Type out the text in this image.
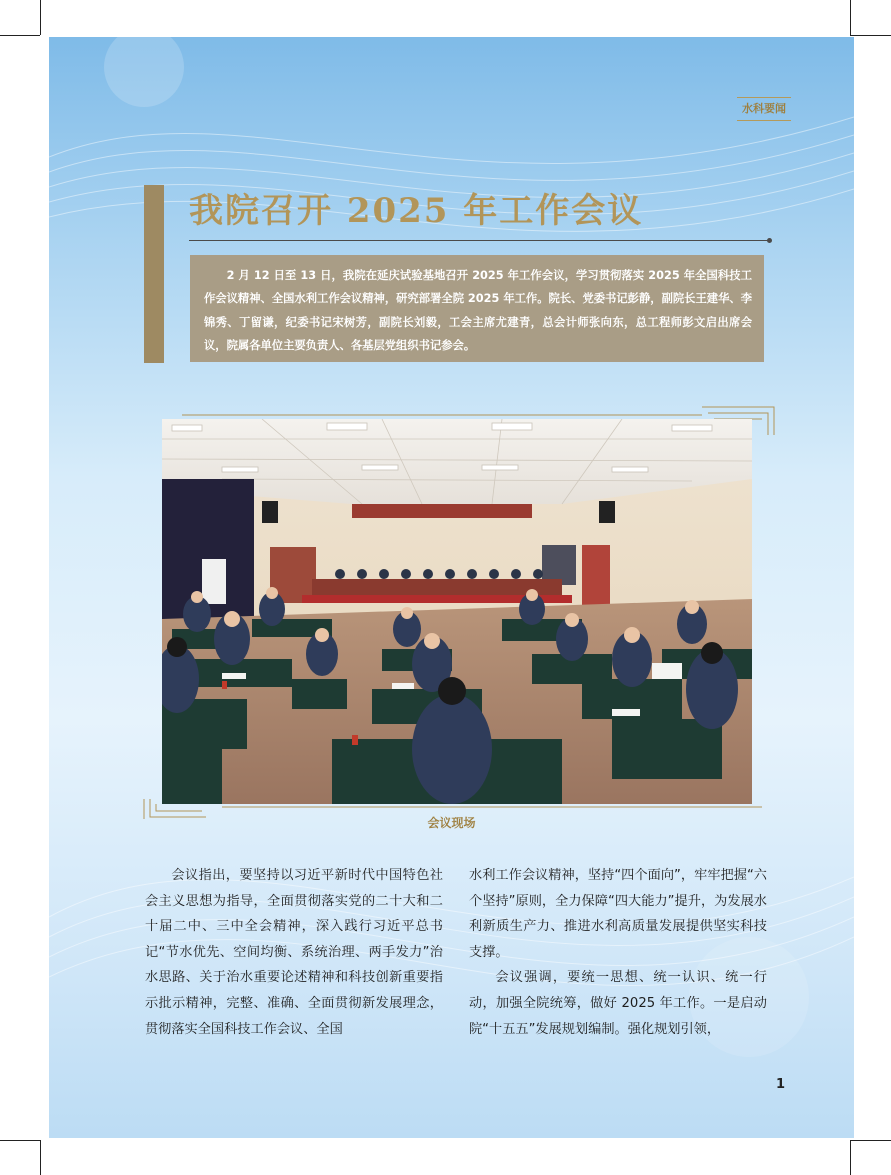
水科要闻
我院召开 2025 年工作会议

2 月 12 日至 13 日，我院在延庆试验基地召开 2025 年工作会议，学习贯彻落实 2025 年全国科技工作会议精神、全国水利工作会议精神，研究部署全院 2025 年工作。院长、党委书记彭静，副院长王建华、李锦秀、丁留谦，纪委书记宋树芳，副院长刘毅，工会主席尤建青，总会计师张向东，总工程师彭文启出席会议，院属各单位主要负责人、各基层党组织书记参会。

会议现场

会议指出，要坚持以习近平新时代中国特色社会主义思想为指导，全面贯彻落实党的二十大和二十届二中、三中全会精神，深入践行习近平总书记“节水优先、空间均衡、系统治理、两手发力”治水思路、关于治水重要论述精神和科技创新重要指示批示精神，完整、准确、全面贯彻新发展理念，贯彻落实全国科技工作会议、全国

水利工作会议精神，坚持“四个面向”，牢牢把握“六个坚持”原则，全力保障“四大能力”提升，为发展水利新质生产力、推进水利高质量发展提供坚实科技支撑。

会议强调，要统一思想、统一认识、统一行动，加强全院统筹，做好 2025 年工作。一是启动院“十五五”发展规划编制。强化规划引领，

1
